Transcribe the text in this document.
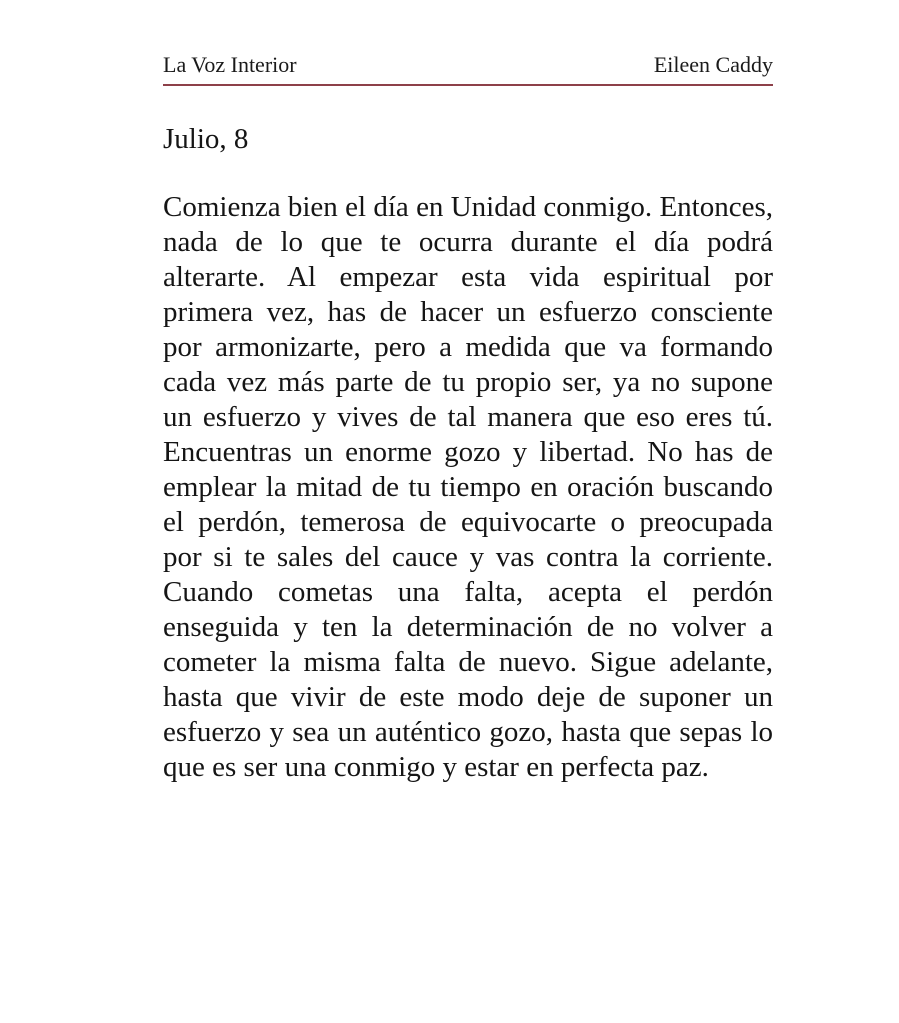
La Voz Interior	Eileen Caddy
Julio, 8

Comienza bien el día en Unidad conmigo. Entonces, nada de lo que te ocurra durante el día podrá alterarte. Al empezar esta vida espiritual por primera vez, has de hacer un esfuerzo consciente por armonizarte, pero a medida que va formando cada vez más parte de tu propio ser, ya no supone un esfuerzo y vives de tal manera que eso eres tú. Encuentras un enorme gozo y libertad. No has de emplear la mitad de tu tiempo en oración buscando el perdón, temerosa de equivocarte o preocupada por si te sales del cauce y vas contra la corriente. Cuando cometas una falta, acepta el perdón enseguida y ten la determinación de no volver a cometer la misma falta de nuevo. Sigue adelante, hasta que vivir de este modo deje de suponer un esfuerzo y sea un auténtico gozo, hasta que sepas lo que es ser una conmigo y estar en perfecta paz.
